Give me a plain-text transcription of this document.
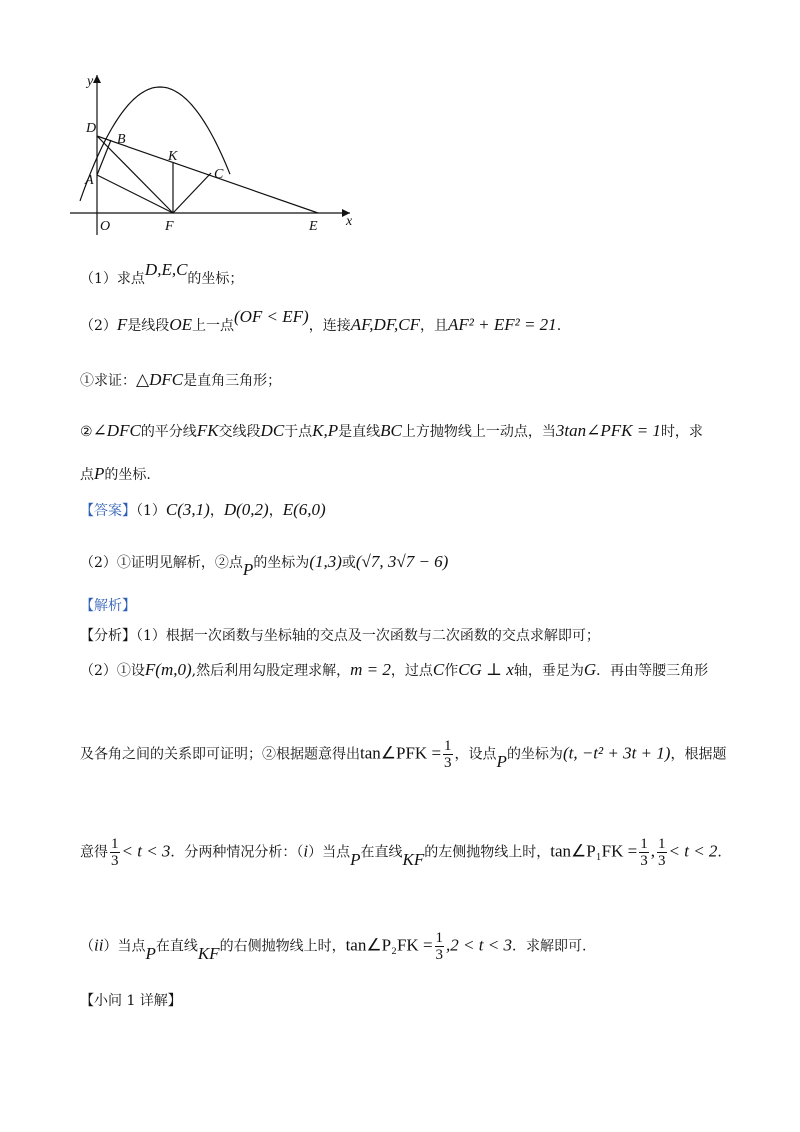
y
x
D
B
K
C
A
O	F	E
（1）求点D,E,C的坐标；
（2）F是线段OE上一点(OF < EF)，连接AF,DF,CF，且AF² + EF² = 21.
①求证：△DFC是直角三角形；
②∠DFC的平分线FK交线段DC于点K,P是直线BC上方抛物线上一动点，当3tan∠PFK = 1时，求
点P的坐标.
【答案】（1）C(3,1)，D(0,2)，E(6,0)
（2）①证明见解析，②点P的坐标为(1,3)或(√7, 3√7 − 6)
【解析】
【分析】（1）根据一次函数与坐标轴的交点及一次函数与二次函数的交点求解即可；
（2）①设F(m,0),然后利用勾股定理求解，m = 2，过点C作CG ⊥ x轴，垂足为G．再由等腰三角形
及各角之间的关系即可证明；②根据题意得出tan∠PFK = $\frac{1}{3}$ ，设点P的坐标为(t, −t² + 3t + 1)，根据题
意得 $\frac{1}{3} < t < 3$．分两种情况分析：（i）当点P在直线KF的左侧抛物线上时，tan∠P₁FK = $\frac{1}{3}$ , $\frac{1}{3} < t < 2$.
（ii）当点P在直线KF的右侧抛物线上时，tan∠P₂FK = $\frac{1}{3} ,2 < t < 3$．求解即可.
【小问 1 详解】
